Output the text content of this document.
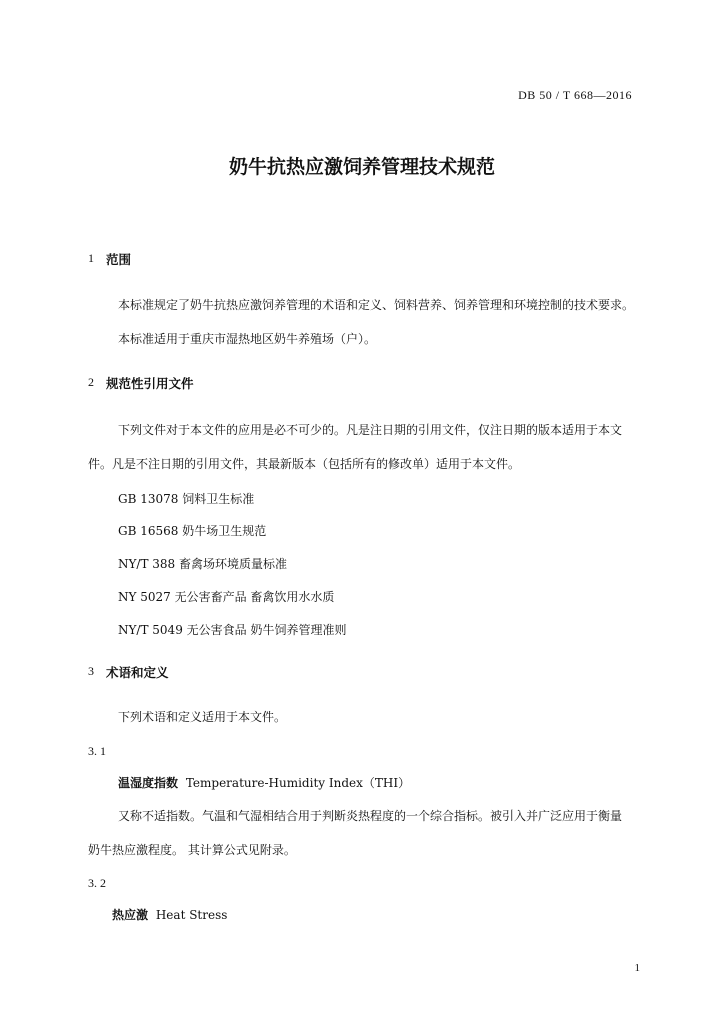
DB 50 / T 668—2016
奶牛抗热应激饲养管理技术规范
1 范围
本标准规定了奶牛抗热应激饲养管理的术语和定义、饲料营养、饲养管理和环境控制的技术要求。
本标准适用于重庆市湿热地区奶牛养殖场（户）。
2 规范性引用文件
下列文件对于本文件的应用是必不可少的。凡是注日期的引用文件，仅注日期的版本适用于本文
件。凡是不注日期的引用文件，其最新版本（包括所有的修改单）适用于本文件。
GB 13078 饲料卫生标准
GB 16568 奶牛场卫生规范
NY/T 388 畜禽场环境质量标准
NY 5027 无公害畜产品 畜禽饮用水水质
NY/T 5049 无公害食品 奶牛饲养管理准则
3 术语和定义
下列术语和定义适用于本文件。
3. 1
温湿度指数 Temperature-Humidity Index（THI）
又称不适指数。气温和气湿相结合用于判断炎热程度的一个综合指标。被引入并广泛应用于衡量
奶牛热应激程度。 其计算公式见附录。
3. 2
热应激 Heat Stress
1
